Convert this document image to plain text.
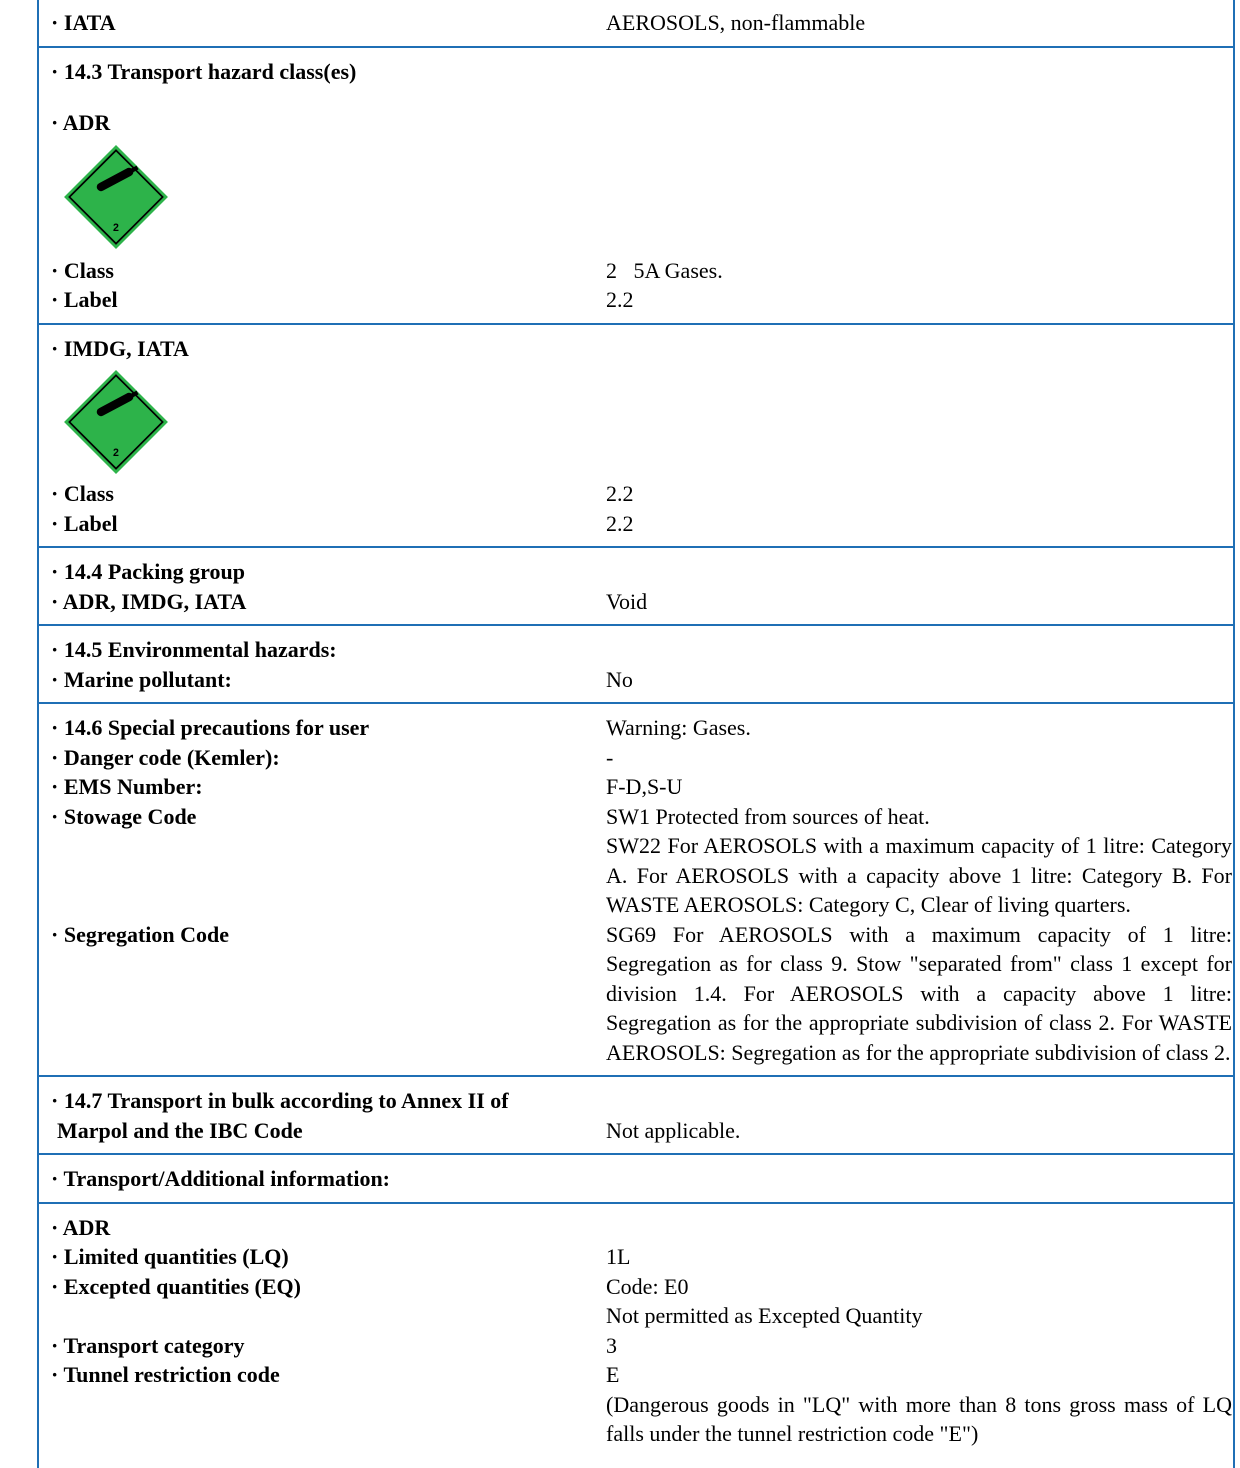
· IATA	AEROSOLS, non-flammable
· 14.3 Transport hazard class(es)
· ADR
2
· Class	2   5A Gases.
· Label	2.2
· IMDG, IATA
2
· Class	2.2
· Label	2.2
· 14.4 Packing group
· ADR, IMDG, IATA	Void
· 14.5 Environmental hazards:
· Marine pollutant:	No
· 14.6 Special precautions for user	Warning: Gases.
· Danger code (Kemler):	-
· EMS Number:	F-D,S-U
· Stowage Code	SW1 Protected from sources of heat.
SW22 For AEROSOLS with a maximum capacity of 1 litre: Category A. For AEROSOLS with a capacity above 1 litre: Category B. For WASTE AEROSOLS: Category C, Clear of living quarters.
· Segregation Code	SG69 For AEROSOLS with a maximum capacity of 1 litre: Segregation as for class 9. Stow "separated from" class 1 except for division 1.4. For AEROSOLS with a capacity above 1 litre: Segregation as for the appropriate subdivision of class 2. For WASTE AEROSOLS: Segregation as for the appropriate subdivision of class 2.
· 14.7 Transport in bulk according to Annex II of
Marpol and the IBC Code	Not applicable.
· Transport/Additional information:
· ADR
· Limited quantities (LQ)	1L
· Excepted quantities (EQ)	Code: E0
Not permitted as Excepted Quantity
· Transport category	3
· Tunnel restriction code	E
(Dangerous goods in "LQ" with more than 8 tons gross mass of LQ falls under the tunnel restriction code "E")
